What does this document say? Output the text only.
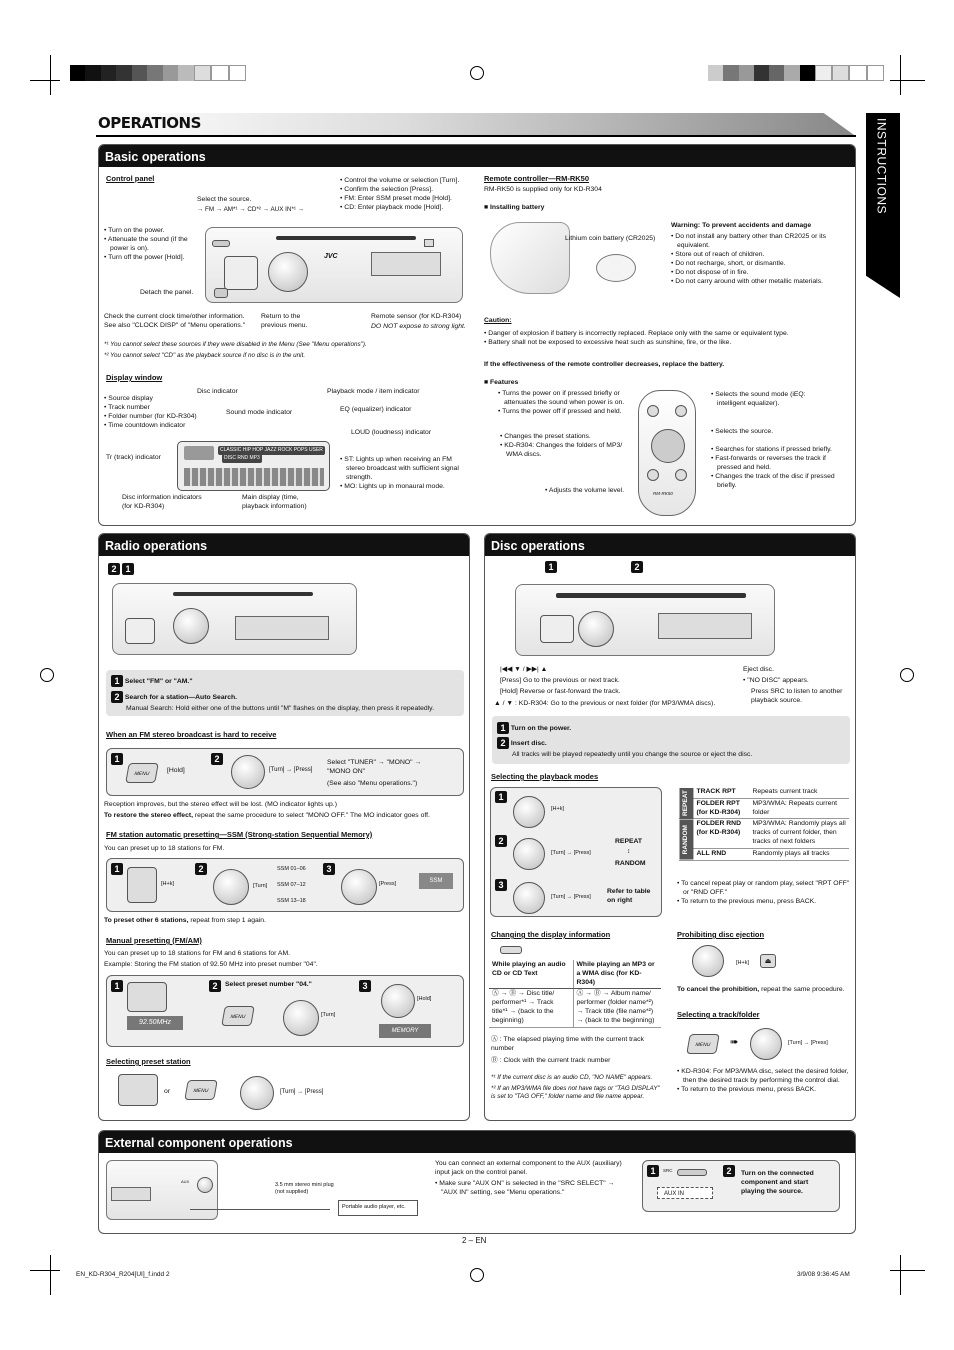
OPERATIONS	INSTRUCTIONS
Basic operations
Control panel
Select the source.
→ FM → AM*¹ → CD*² → AUX IN*¹ →
• Turn on the power.
• Attenuate the sound (if the power is on).
• Turn off the power [Hold].
Detach the panel.
• Control the volume or selection [Turn].
• Confirm the selection [Press].
• FM: Enter SSM preset mode [Hold].
• CD: Enter playback mode [Hold].
JVC
Check the current clock time/other information. See also "CLOCK DISP" of "Menu operations."
Return to the previous menu.
Remote sensor (for KD-R304)
DO NOT expose to strong light.
*¹ You cannot select these sources if they were disabled in the Menu (See "Menu operations").
*² You cannot select "CD" as the playback source if no disc is in the unit.
Display window
• Source display
• Track number
• Folder number (for KD-R304)
• Time countdown indicator
Disc indicator
Sound mode indicator
Playback mode / item indicator
EQ (equalizer) indicator
LOUD (loudness) indicator
Tr (track) indicator
CLASSIC HIP HOP JAZZ ROCK POPS USER
DISC RND MP3
Disc information indicators (for KD-R304)
Main display (time, playback information)
• ST: Lights up when receiving an FM stereo broadcast with sufficient signal strength.
• MO: Lights up in monaural mode.
Remote controller—RM-RK50
RM-RK50 is supplied only for KD-R304
■ Installing battery
Lithium coin battery (CR2025)
Warning: To prevent accidents and damage
• Do not install any battery other than CR2025 or its equivalent.
• Store out of reach of children.
• Do not recharge, short, or dismantle.
• Do not dispose of in fire.
• Do not carry around with other metallic materials.
Caution:
• Danger of explosion if battery is incorrectly replaced. Replace only with the same or equivalent type.
• Battery shall not be exposed to excessive heat such as sunshine, fire, or the like.
If the effectiveness of the remote controller decreases, replace the battery.
■ Features
• Turns the power on if pressed briefly or attenuates the sound when power is on.
• Turns the power off if pressed and held.
• Changes the preset stations.
• KD-R304: Changes the folders of MP3/ WMA discs.
• Adjusts the volume level.	RM-RK50
• Selects the sound mode (iEQ: intelligent equalizer).
• Selects the source.
• Searches for stations if pressed briefly.
• Fast-forwards or reverses the track if pressed and held.
• Changes the track of the disc if pressed briefly.
Radio operations
2 1
1 Select "FM" or "AM."
2 Search for a station—Auto Search.
Manual Search: Hold either one of the buttons until "M" flashes on the display, then press it repeatedly.
When an FM stereo broadcast is hard to receive
1
MENU	[Hold]
2
[Turn] → [Press]
Select "TUNER" → "MONO" → "MONO ON"
(See also "Menu operations.")
Reception improves, but the stereo effect will be lost. (MO indicator lights up.)
To restore the stereo effect, repeat the same procedure to select "MONO OFF." The MO indicator goes off.
FM station automatic presetting—SSM (Strong-station Sequential Memory)
You can preset up to 18 stations for FM.
1
[H+k]
2
[Turn]
SSM 01–06
SSM 07–12
SSM 13–18
3
[Press]	SSM
To preset other 6 stations, repeat from step 1 again.
Manual presetting (FM/AM)
You can preset up to 18 stations for FM and 6 stations for AM.
Example: Storing the FM station of 92.50 MHz into preset number "04".
1
92.50MHz
2	Select preset number "04."
MENU	[Turn]
3
[Hold]
MEMORY
Selecting preset station
or	MENU	[Turn] → [Press]
Disc operations
1	2
|◀◀ ▼ / ▶▶| ▲
[Press] Go to the previous or next track.
[Hold] Reverse or fast-forward the track.
▲ / ▼ : KD-R304: Go to the previous or next folder (for MP3/WMA discs).
Eject disc.
• "NO DISC" appears.
Press SRC to listen to another playback source.
1 Turn on the power.
2 Insert disc.
All tracks will be played repeatedly until you change the source or eject the disc.
Selecting the playback modes
1
[H+k]
2
[Turn] → [Press]
REPEAT
↕
RANDOM
3
[Turn] → [Press]
Refer to table on right
REPEAT	TRACK RPT	Repeats current track
	FOLDER RPT (for KD-R304)	MP3/WMA: Repeats current folder
RANDOM	FOLDER RND (for KD-R304)	MP3/WMA: Randomly plays all tracks of current folder, then tracks of next folders
	ALL RND	Randomly plays all tracks
• To cancel repeat play or random play, select "RPT OFF" or "RND OFF."
• To return to the previous menu, press BACK.
Changing the display information
While playing an audio CD or CD Text	While playing an MP3 or a WMA disc (for KD-R304)
Ⓐ → Ⓑ → Disc title/ performer*¹ → Track title*¹ → (back to the beginning)	Ⓐ → Ⓑ → Album name/ performer (folder name*²) → Track title (file name*²) → (back to the beginning)
Ⓐ : The elapsed playing time with the current track number
Ⓑ : Clock with the current track number
*¹ If the current disc is an audio CD, "NO NAME" appears.
*² If an MP3/WMA file does not have tags or "TAG DISPLAY" is set to "TAG OFF," folder name and file name appear.
Prohibiting disc ejection
[H+k]	⏏
To cancel the prohibition, repeat the same procedure.
Selecting a track/folder
MENU	➠	[Turn] → [Press]
• KD-R304: For MP3/WMA disc, select the desired folder, then the desired track by performing the control dial.
• To return to the previous menu, press BACK.
External component operations
AUX
3.5 mm stereo mini plug (not supplied)
Portable audio player, etc.
You can connect an external component to the AUX (auxiliary) input jack on the control panel.
• Make sure "AUX ON" is selected in the "SRC SELECT" → "AUX IN" setting, see "Menu operations."
1	SRC
AUX IN
2	Turn on the connected component and start playing the source.
2 – EN
EN_KD-R304_R204[UI]_f.indd 2	3/9/08 9:36:45 AM
